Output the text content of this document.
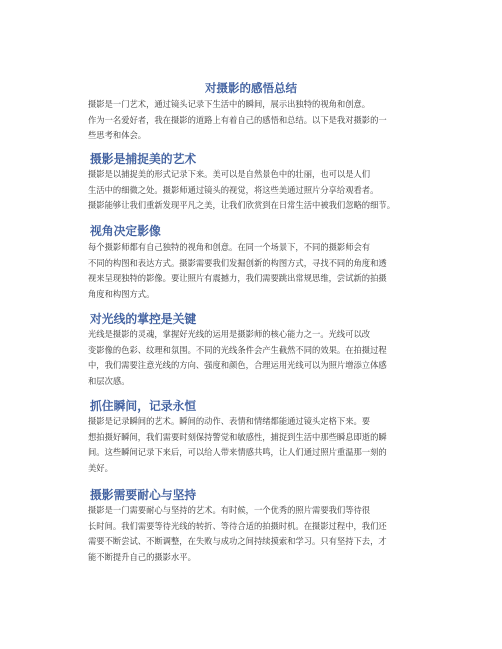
对摄影的感悟总结

摄影是一门艺术，通过镜头记录下生活中的瞬间，展示出独特的视角和创意。
作为一名爱好者，我在摄影的道路上有着自己的感悟和总结。以下是我对摄影的一
些思考和体会。

摄影是捕捉美的艺术

摄影是以捕捉美的形式记录下来。美可以是自然景色中的壮丽，也可以是人们
生活中的细微之处。摄影师通过镜头的视觉，将这些美通过照片分享给观看者。
摄影能够让我们重新发现平凡之美，让我们欣赏到在日常生活中被我们忽略的细节。

视角决定影像

每个摄影师都有自己独特的视角和创意。在同一个场景下，不同的摄影师会有
不同的构图和表达方式。摄影需要我们发掘创新的构图方式，寻找不同的角度和透
视来呈现独特的影像。要让照片有震撼力，我们需要跳出常规思维，尝试新的拍摄
角度和构图方式。

对光线的掌控是关键

光线是摄影的灵魂，掌握好光线的运用是摄影师的核心能力之一。光线可以改
变影像的色彩、纹理和氛围。不同的光线条件会产生截然不同的效果。在拍摄过程
中，我们需要注意光线的方向、强度和颜色，合理运用光线可以为照片增添立体感
和层次感。

抓住瞬间，记录永恒

摄影是记录瞬间的艺术。瞬间的动作、表情和情绪都能通过镜头定格下来。要
想拍摄好瞬间，我们需要时刻保持警觉和敏感性，捕捉到生活中那些瞬息即逝的瞬
间。这些瞬间记录下来后，可以给人带来情感共鸣，让人们通过照片重温那一刻的
美好。

摄影需要耐心与坚持

摄影是一门需要耐心与坚持的艺术。有时候，一个优秀的照片需要我们等待很
长时间。我们需要等待光线的转折、等待合适的拍摄时机。在摄影过程中，我们还
需要不断尝试、不断调整，在失败与成功之间持续摸索和学习。只有坚持下去，才
能不断提升自己的摄影水平。
